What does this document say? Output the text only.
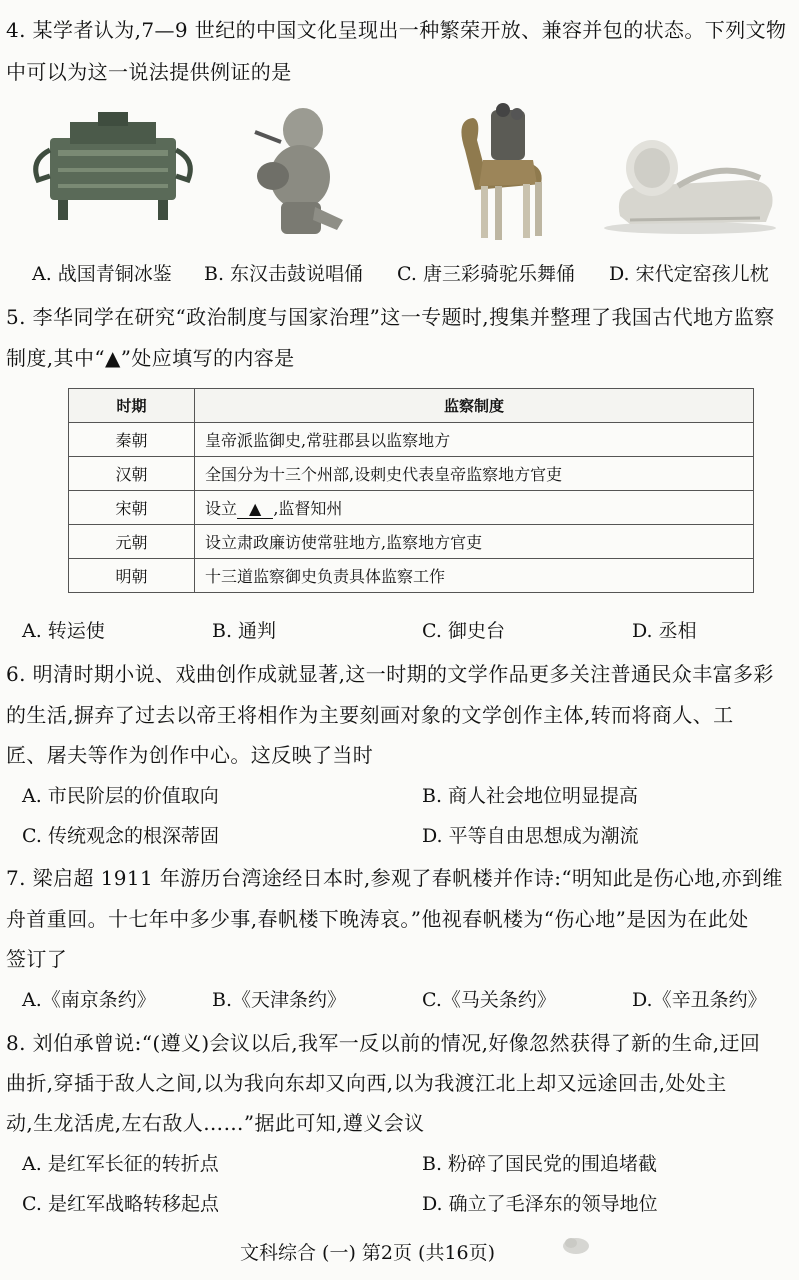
4. 某学者认为,7—9 世纪的中国文化呈现出一种繁荣开放、兼容并包的状态。下列文物
中可以为这一说法提供例证的是
A. 战国青铜冰鉴 B. 东汉击鼓说唱俑 C. 唐三彩骑驼乐舞俑 D. 宋代定窑孩儿枕
5. 李华同学在研究“政治制度与国家治理”这一专题时,搜集并整理了我国古代地方监察
制度,其中“▲”处应填写的内容是
时期	监察制度
秦朝	皇帝派监御史,常驻郡县以监察地方
汉朝	全国分为十三个州部,设刺史代表皇帝监察地方官吏
宋朝	设立 ▲ ,监督知州
元朝	设立肃政廉访使常驻地方,监察地方官吏
明朝	十三道监察御史负责具体监察工作
A. 转运使	B. 通判	C. 御史台	D. 丞相
6. 明清时期小说、戏曲创作成就显著,这一时期的文学作品更多关注普通民众丰富多彩
的生活,摒弃了过去以帝王将相作为主要刻画对象的文学创作主体,转而将商人、工
匠、屠夫等作为创作中心。这反映了当时
A. 市民阶层的价值取向	B. 商人社会地位明显提高
C. 传统观念的根深蒂固	D. 平等自由思想成为潮流
7. 梁启超 1911 年游历台湾途经日本时,参观了春帆楼并作诗:“明知此是伤心地,亦到维
舟首重回。十七年中多少事,春帆楼下晚涛哀。”他视春帆楼为“伤心地”是因为在此处
签订了
A.《南京条约》	B.《天津条约》	C.《马关条约》	D.《辛丑条约》
8. 刘伯承曾说:“(遵义)会议以后,我军一反以前的情况,好像忽然获得了新的生命,迂回
曲折,穿插于敌人之间,以为我向东却又向西,以为我渡江北上却又远途回击,处处主
动,生龙活虎,左右敌人……”据此可知,遵义会议
A. 是红军长征的转折点	B. 粉碎了国民党的围追堵截
C. 是红军战略转移起点	D. 确立了毛泽东的领导地位
文科综合 (一) 第2页 (共16页)
